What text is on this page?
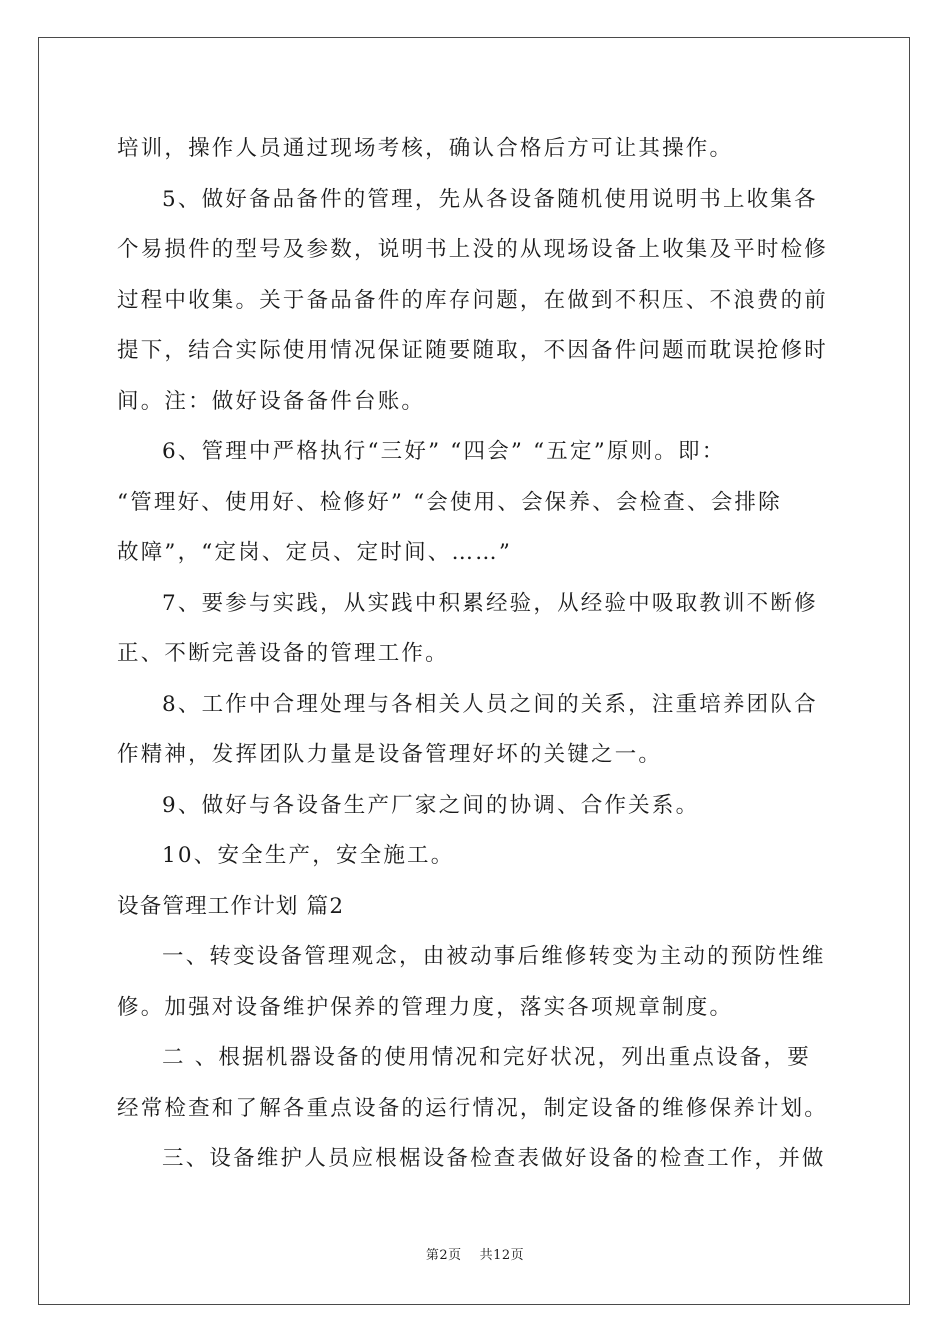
培训，操作人员通过现场考核，确认合格后方可让其操作。
5、做好备品备件的管理，先从各设备随机使用说明书上收集各
个易损件的型号及参数，说明书上没的从现场设备上收集及平时检修
过程中收集。关于备品备件的库存问题，在做到不积压、不浪费的前
提下，结合实际使用情况保证随要随取，不因备件问题而耽误抢修时
间。注：做好设备备件台账。
6、管理中严格执行“三好” “四会” “五定”原则。即：
“管理好、使用好、检修好” “会使用、会保养、会检查、会排除
故障”，“定岗、定员、定时间、……”
7、要参与实践，从实践中积累经验，从经验中吸取教训不断修
正、不断完善设备的管理工作。
8、工作中合理处理与各相关人员之间的关系，注重培养团队合
作精神，发挥团队力量是设备管理好坏的关键之一。
9、做好与各设备生产厂家之间的协调、合作关系。
10、安全生产，安全施工。
设备管理工作计划 篇2
一、转变设备管理观念，由被动事后维修转变为主动的预防性维
修。加强对设备维护保养的管理力度，落实各项规章制度。
二 、根据机器设备的使用情况和完好状况，列出重点设备，要
经常检查和了解各重点设备的运行情况，制定设备的维修保养计划。
三、设备维护人员应根椐设备检查表做好设备的检查工作，并做
第2页 共12页
